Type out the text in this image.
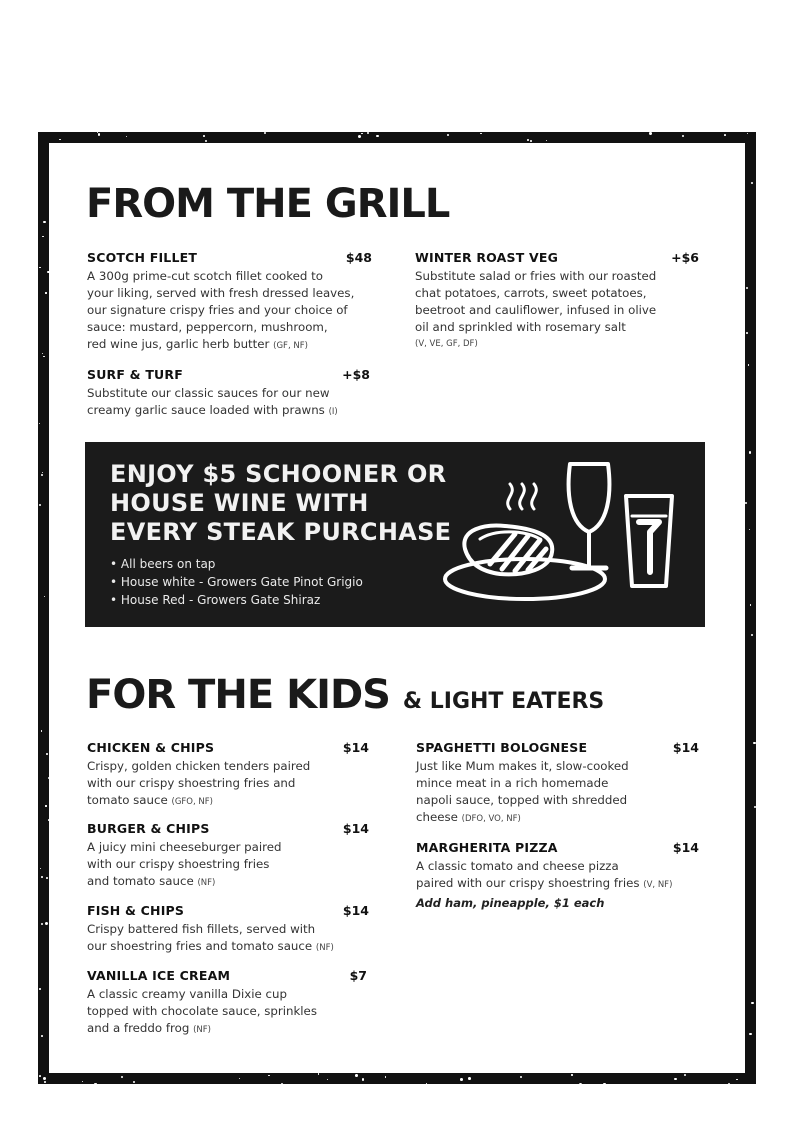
FROM THE GRILL
SCOTCH FILLET	$48
A 300g prime-cut scotch fillet cooked to
your liking, served with fresh dressed leaves,
our signature crispy fries and your choice of
sauce: mustard, peppercorn, mushroom,
red wine jus, garlic herb butter (GF, NF)
WINTER ROAST VEG	+$6
Substitute salad or fries with our roasted
chat potatoes, carrots, sweet potatoes,
beetroot and cauliflower, infused in olive
oil and sprinkled with rosemary salt
(V, VE, GF, DF)
SURF & TURF	+$8
Substitute our classic sauces for our new
creamy garlic sauce loaded with prawns (I)
ENJOY $5 SCHOONER OR
HOUSE WINE WITH
EVERY STEAK PURCHASE
• All beers on tap
• House white - Growers Gate Pinot Grigio
• House Red - Growers Gate Shiraz
FOR THE KIDS & LIGHT EATERS
CHICKEN & CHIPS	$14
Crispy, golden chicken tenders paired
with our crispy shoestring fries and
tomato sauce (GFO, NF)
BURGER & CHIPS	$14
A juicy mini cheeseburger paired
with our crispy shoestring fries
and tomato sauce (NF)
FISH & CHIPS	$14
Crispy battered fish fillets, served with
our shoestring fries and tomato sauce (NF)
VANILLA ICE CREAM	$7
A classic creamy vanilla Dixie cup
topped with chocolate sauce, sprinkles
and a freddo frog (NF)
SPAGHETTI BOLOGNESE	$14
Just like Mum makes it, slow-cooked
mince meat in a rich homemade
napoli sauce, topped with shredded
cheese (DFO, VO, NF)
MARGHERITA PIZZA	$14
A classic tomato and cheese pizza
paired with our crispy shoestring fries (V, NF)
Add ham, pineapple, $1 each
